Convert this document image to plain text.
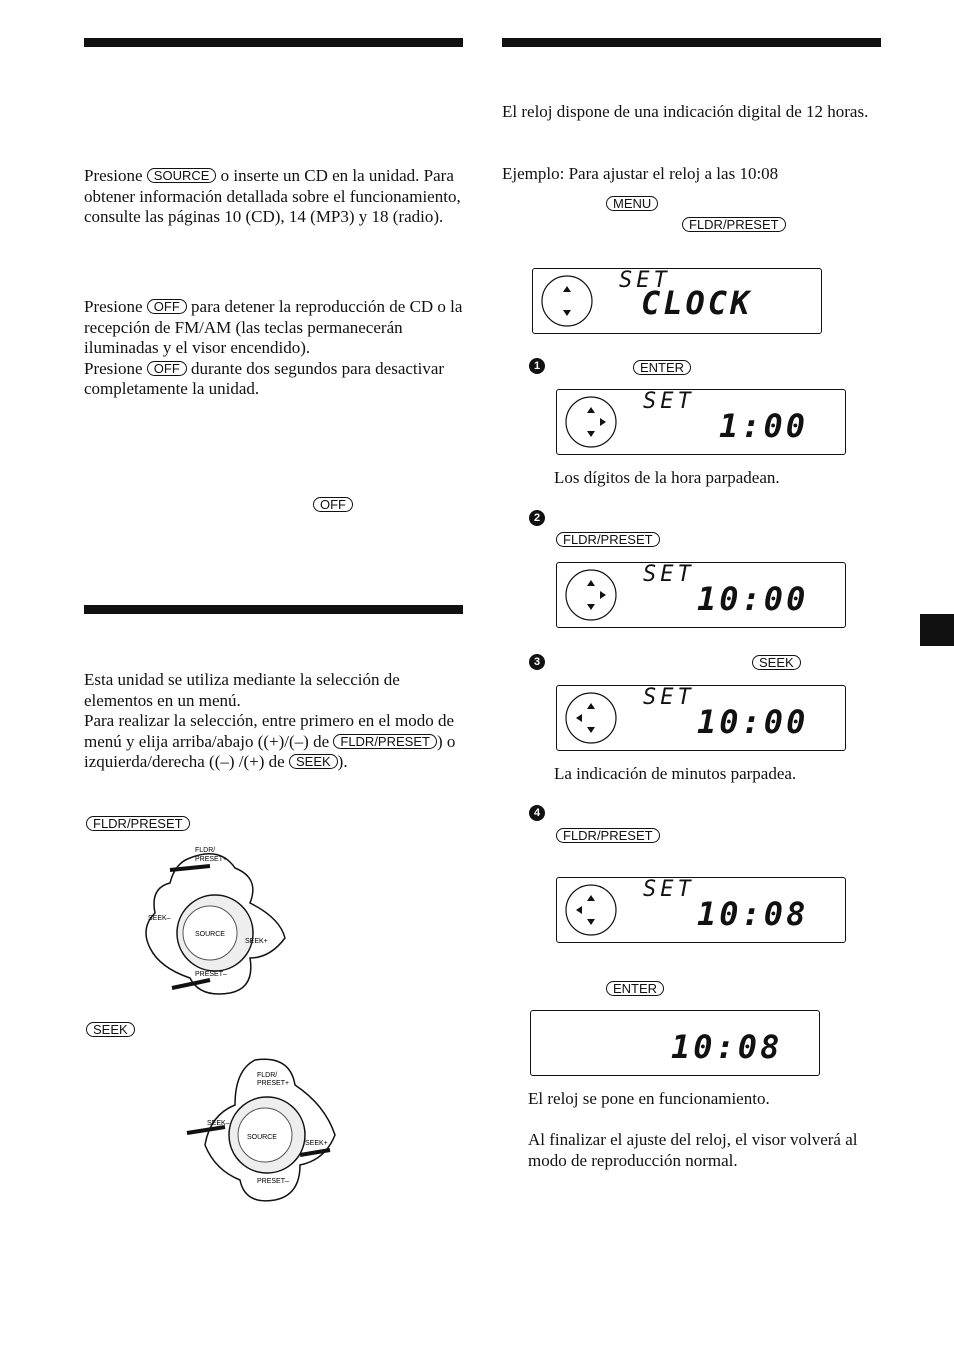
Presione SOURCE o inserte un CD en la unidad. Para obtener información detallada sobre el funcionamiento, consulte las páginas 10 (CD), 14 (MP3) y 18 (radio).

Presione OFF para detener la reproducción de CD o la recepción de FM/AM (las teclas permanecerán iluminadas y el visor encendido).
Presione OFF durante dos segundos para desactivar completamente la unidad.

OFF

Esta unidad se utiliza mediante la selección de elementos en un menú.
Para realizar la selección, entre primero en el modo de menú y elija arriba/abajo ((+)/(–) de FLDR/PRESET ) o izquierda/derecha ((–) /(+) de SEEK ).

FLDR/PRESET
FLDR/
PRESET+
SEEK–
SEEK+
PRESET–
SOURCE
SEEK
FLDR/
PRESET+
SEEK–
SEEK+
PRESET–
SOURCE

El reloj dispone de una indicación digital de 12 horas.

Ejemplo: Para ajustar el reloj a las 10:08

MENU
FLDR/PRESET
SET
CLOCK
1	ENTER
SET
1:00

Los dígitos de la hora parpadean.

2
FLDR/PRESET
SET
10:00
3	SEEK
SET
10:00

La indicación de minutos parpadea.

4
FLDR/PRESET
SET
10:08
ENTER
10:08

El reloj se pone en funcionamiento.

Al finalizar el ajuste del reloj, el visor volverá al modo de reproducción normal.
